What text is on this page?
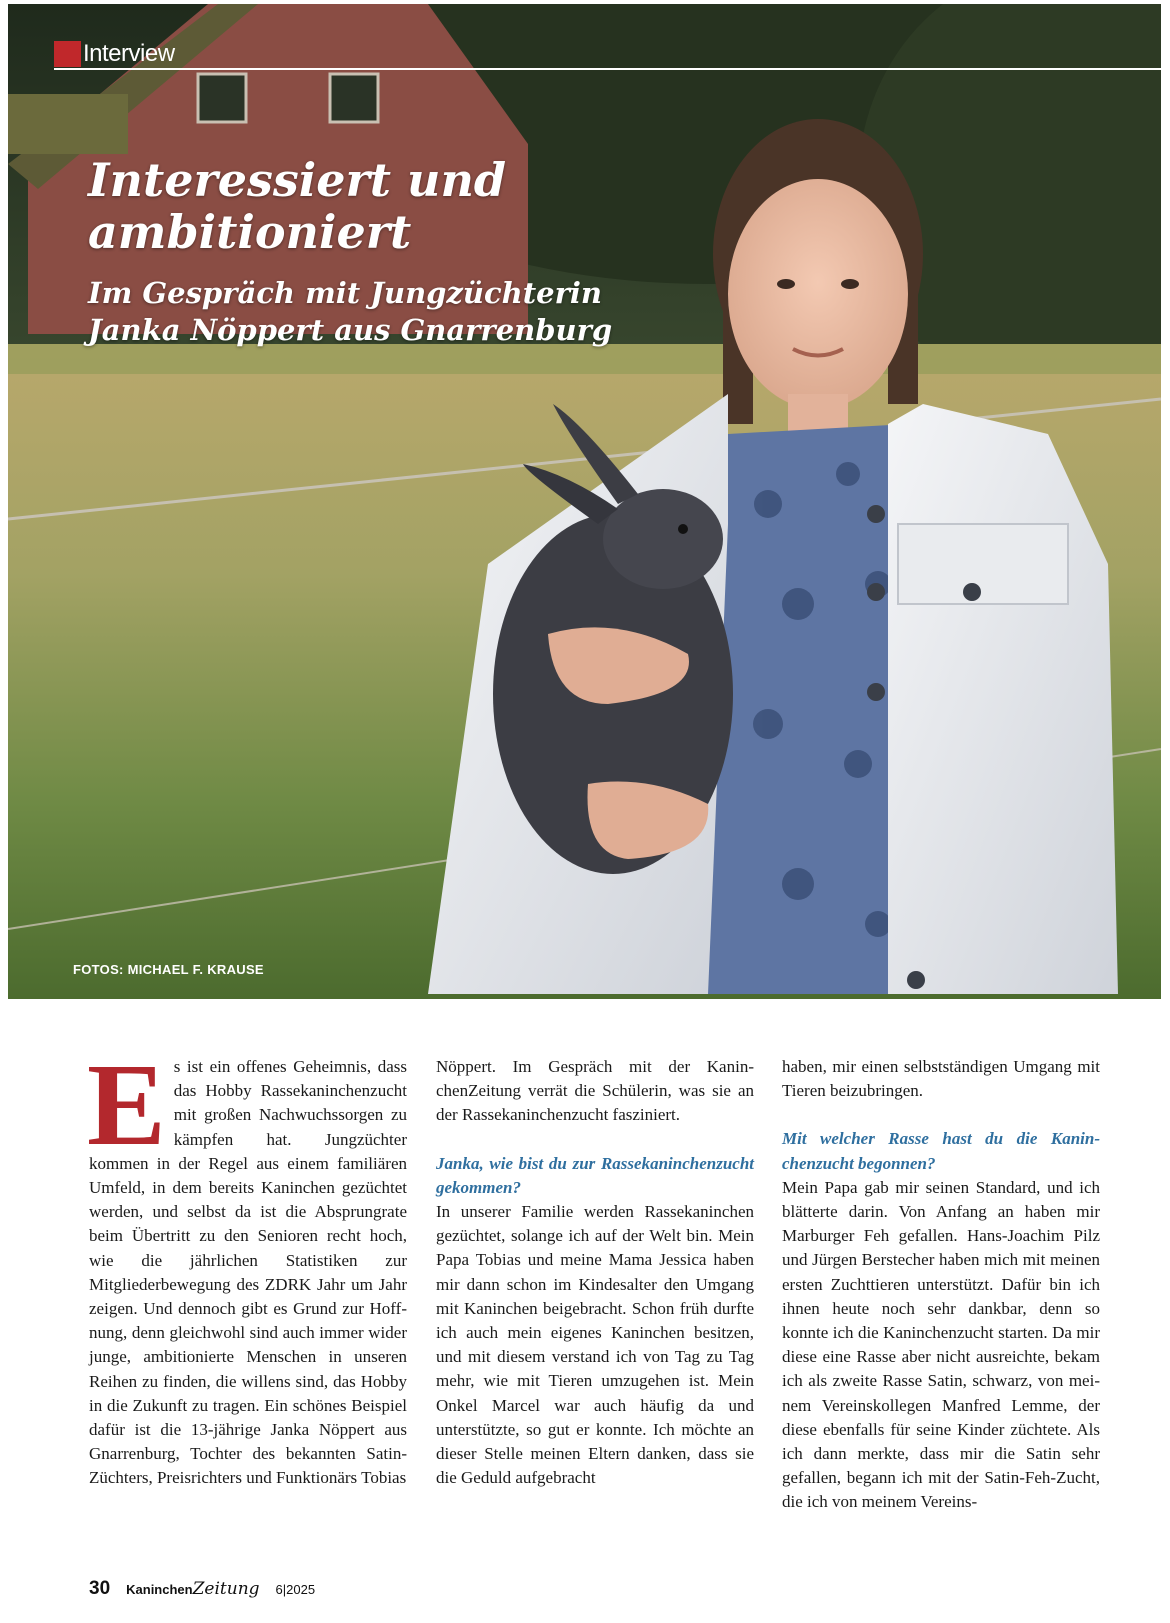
Interview
Interessiert und
ambitioniert
Im Gespräch mit Jungzüchterin
Janka Nöppert aus Gnarrenburg
FOTOS: MICHAEL F. KRAUSE
E s ist ein offenes Geheimnis, dass das Hobby Rassekaninchenzucht mit großen Nachwuchssorgen zu kämpfen hat. Jungzüchter kommen in der Regel aus einem familiären Umfeld, in dem bereits Kaninchen gezüchtet werden, und selbst da ist die Absprungrate beim Übertritt zu den Senioren recht hoch, wie die jährlichen Statistiken zur Mitgliederbewegung des ZDRK Jahr um Jahr zeigen. Und dennoch gibt es Grund zur Hoffnung, denn gleichwohl sind auch immer wider junge, ambitionierte Menschen in unseren Reihen zu finden, die willens sind, das Hobby in die Zukunft zu tragen. Ein schönes Beispiel dafür ist die 13-jährige Janka Nöppert aus Gnarrenburg, Tochter des bekannten Satin-Züchters, Preisrichters und Funktionärs Tobias

Nöppert. Im Gespräch mit der KaninchenZeitung verrät die Schülerin, was sie an der Rassekaninchenzucht fasziniert.

Janka, wie bist du zur Rassekaninchenzucht gekommen?

In unserer Familie werden Rassekaninchen gezüchtet, solange ich auf der Welt bin. Mein Papa Tobias und meine Mama Jessica haben mir dann schon im Kindesalter den Umgang mit Kaninchen beigebracht. Schon früh durfte ich auch mein eigenes Kaninchen besitzen, und mit diesem verstand ich von Tag zu Tag mehr, wie mit Tieren umzugehen ist. Mein Onkel Marcel war auch häufig da und unterstützte, so gut er konnte. Ich möchte an dieser Stelle meinen Eltern danken, dass sie die Geduld aufgebracht

haben, mir einen selbstständigen Umgang mit Tieren beizubringen.

Mit welcher Rasse hast du die Kaninchenzucht begonnen?

Mein Papa gab mir seinen Standard, und ich blätterte darin. Von Anfang an haben mir Marburger Feh gefallen. Hans-Joachim Pilz und Jürgen Berstecher haben mich mit meinen ersten Zuchttieren unterstützt. Dafür bin ich ihnen heute noch sehr dankbar, denn so konnte ich die Kaninchenzucht starten. Da mir diese eine Rasse aber nicht ausreichte, bekam ich als zweite Rasse Satin, schwarz, von meinem Vereinskollegen Manfred Lemme, der diese ebenfalls für seine Kinder züchtete. Als ich dann merkte, dass mir die Satin sehr gefallen, begann ich mit der Satin-Feh-Zucht, die ich von meinem Vereins-

30 Kaninchen Zeitung 6|2025
